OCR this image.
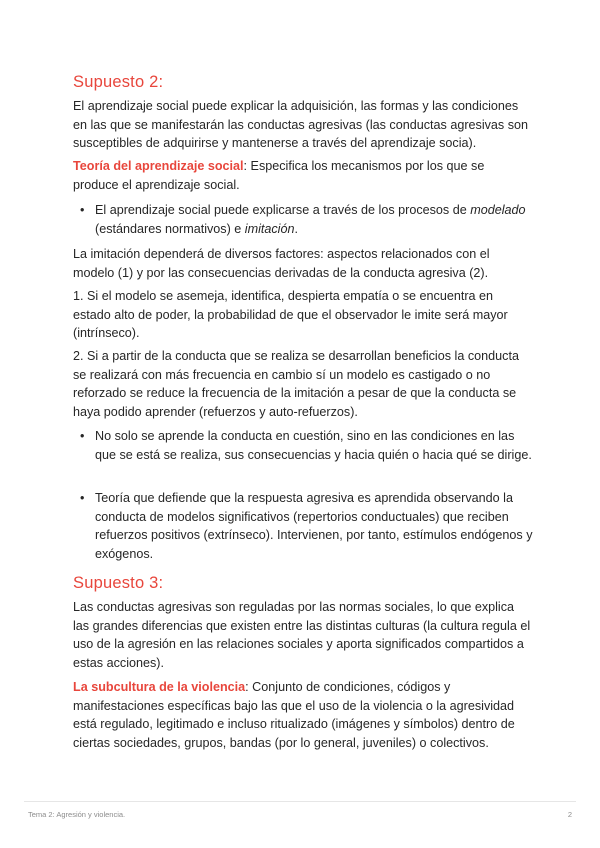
Supuesto 2:

El aprendizaje social puede explicar la adquisición, las formas y las condiciones en las que se manifestarán las conductas agresivas (las conductas agresivas son susceptibles de adquirirse y mantenerse a través del aprendizaje socia).

Teoría del aprendizaje social: Especifica los mecanismos por los que se produce el aprendizaje social.

• El aprendizaje social puede explicarse a través de los procesos de modelado (estándares normativos) e imitación.

La imitación dependerá de diversos factores: aspectos relacionados con el modelo (1) y por las consecuencias derivadas de la conducta agresiva (2).

1. Si el modelo se asemeja, identifica, despierta empatía o se encuentra en estado alto de poder, la probabilidad de que el observador le imite será mayor (intrínseco).

2. Si a partir de la conducta que se realiza se desarrollan beneficios la conducta se realizará con más frecuencia en cambio sí un modelo es castigado o no reforzado se reduce la frecuencia de la imitación a pesar de que la conducta se haya podido aprender (refuerzos y auto-refuerzos).

• No solo se aprende la conducta en cuestión, sino en las condiciones en las que se está se realiza, sus consecuencias y hacia quién o hacia qué se dirige.
• Teoría que defiende que la respuesta agresiva es aprendida observando la conducta de modelos significativos (repertorios conductuales) que reciben refuerzos positivos (extrínseco). Intervienen, por tanto, estímulos endógenos y exógenos.
Supuesto 3:

Las conductas agresivas son reguladas por las normas sociales, lo que explica las grandes diferencias que existen entre las distintas culturas (la cultura regula el uso de la agresión en las relaciones sociales y aporta significados compartidos a estas acciones).

La subcultura de la violencia: Conjunto de condiciones, códigos y manifestaciones específicas bajo las que el uso de la violencia o la agresividad está regulado, legitimado e incluso ritualizado (imágenes y símbolos) dentro de ciertas sociedades, grupos, bandas (por lo general, juveniles) o colectivos.

Tema 2: Agresión y violencia.	2
